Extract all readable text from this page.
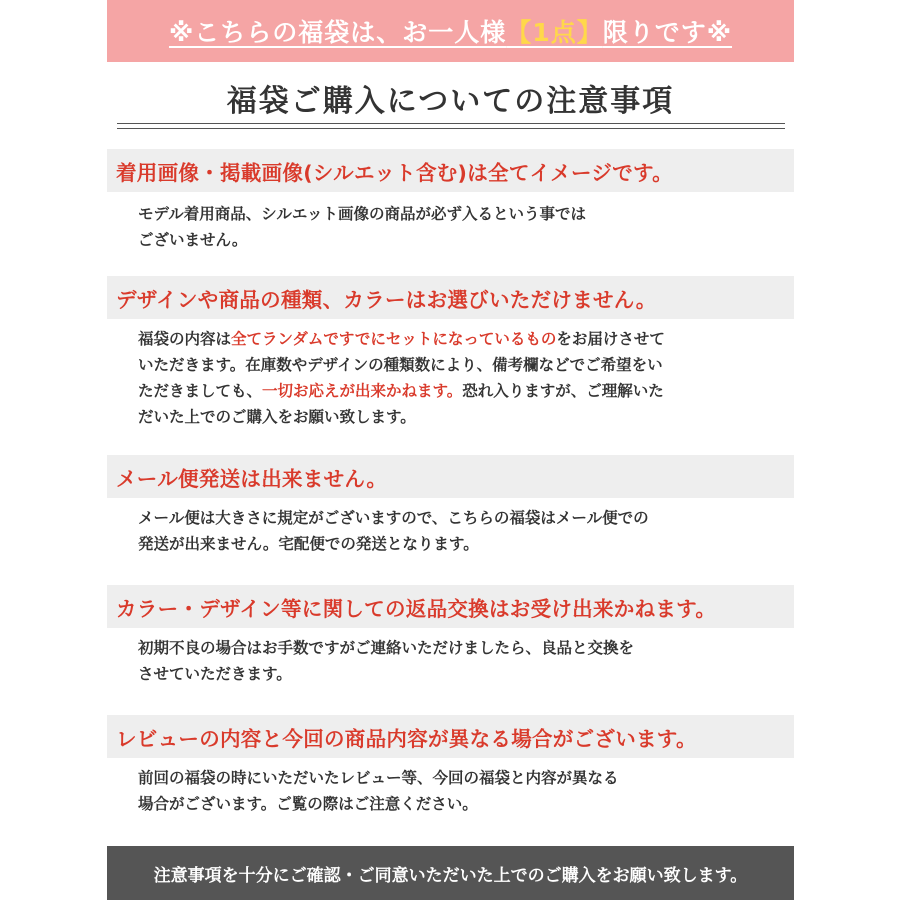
※こちらの福袋は、お一人様【1点】限りです※
福袋ご購入についての注意事項
着用画像・掲載画像(シルエット含む)は全てイメージです。
モデル着用商品、シルエット画像の商品が必ず入るという事では
ございません。
デザインや商品の種類、カラーはお選びいただけません。
福袋の内容は全てランダムですでにセットになっているものをお届けさせて
いただきます。在庫数やデザインの種類数により、備考欄などでご希望をい
ただきましても、一切お応えが出来かねます。恐れ入りますが、ご理解いた
だいた上でのご購入をお願い致します。
メール便発送は出来ません。
メール便は大きさに規定がございますので、こちらの福袋はメール便での
発送が出来ません。宅配便での発送となります。
カラー・デザイン等に関しての返品交換はお受け出来かねます。
初期不良の場合はお手数ですがご連絡いただけましたら、良品と交換を
させていただきます。
レビューの内容と今回の商品内容が異なる場合がございます。
前回の福袋の時にいただいたレビュー等、今回の福袋と内容が異なる
場合がございます。ご覧の際はご注意ください。
注意事項を十分にご確認・ご同意いただいた上でのご購入をお願い致します。
